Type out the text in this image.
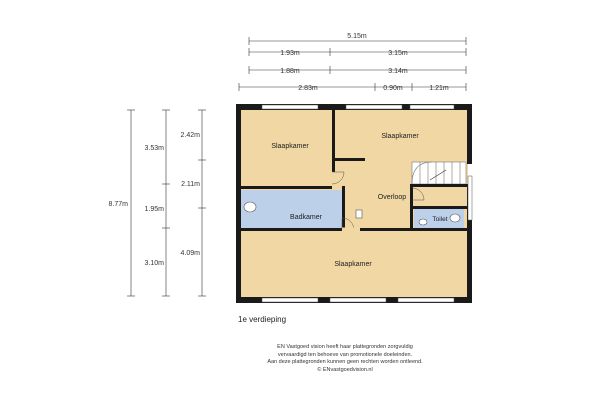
5.15m
1.93m	3.15m
1.88m	3.14m
2.83m	0.90m	1.21m
8.77m
3.53m
1.95m
3.10m
2.42m
2.11m
4.09m
Slaapkamer
Slaapkamer
Overloop
Badkamer	Toilet
Slaapkamer
1e verdieping
EN Vastgoed vision heeft haar plattegronden zorgvuldig
vervaardigd ten behoeve van promotionele doeleinden.
Aan deze plattegronden kunnen geen rechten worden ontleend.
© ENvastgoedvision.nl
